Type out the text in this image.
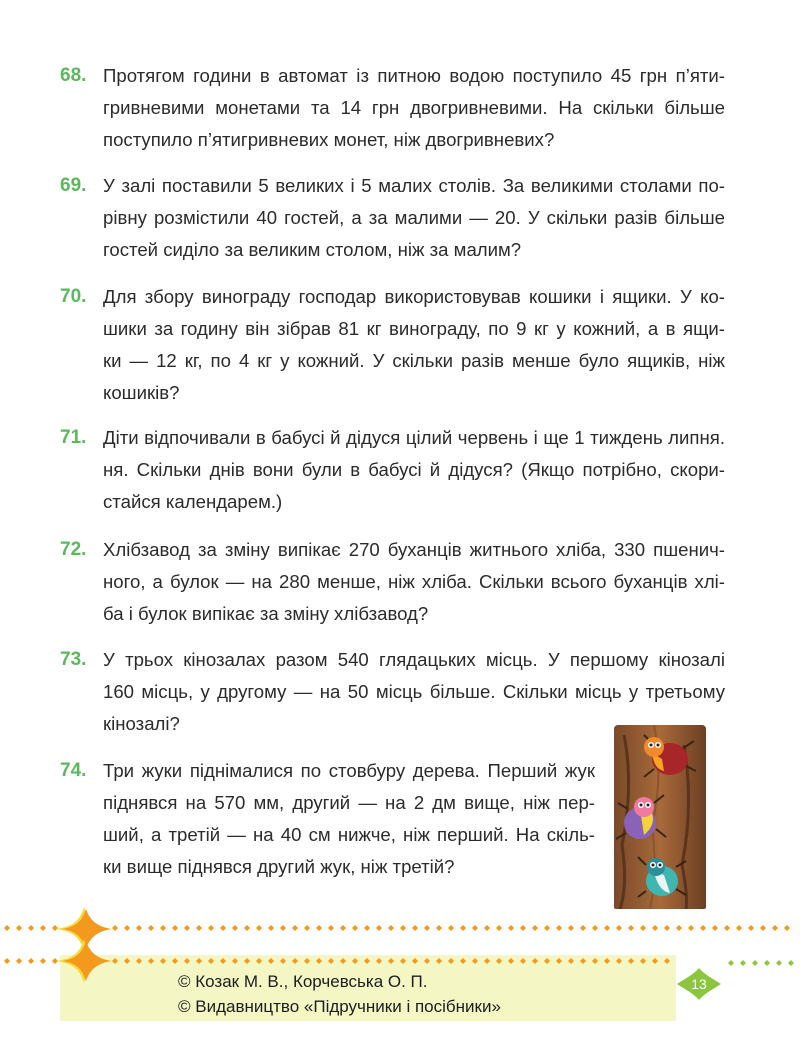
68. Протягом години в автомат із питною водою поступило 45 грн п’яти-
гривневими монетами та 14 грн двогривневими. На скільки більше
поступило п’ятигривневих монет, ніж двогривневих?
69. У залі поставили 5 великих і 5 малих столів. За великими столами по-
рівну розмістили 40 гостей, а за малими — 20. У скільки разів більше
гостей сиділо за великим столом, ніж за малим?
70. Для збору винограду господар використовував кошики і ящики. У ко-
шики за годину він зібрав 81 кг винограду, по 9 кг у кожний, а в ящи-
ки — 12 кг, по 4 кг у кожний. У скільки разів менше було ящиків, ніж
кошиків?
71. Діти відпочивали в бабусі й дідуся цілий червень і ще 1 тиждень липня.
ня. Скільки днів вони були в бабусі й дідуся? (Якщо потрібно, скори-
стайся календарем.)
72. Хлібзавод за зміну випікає 270 буханців житнього хліба, 330 пшенич-
ного, а булок — на 280 менше, ніж хліба. Скільки всього буханців хлі-
ба і булок випікає за зміну хлібзавод?
73. У трьох кінозалах разом 540 глядацьких місць. У першому кінозалі
160 місць, у другому — на 50 місць більше. Скільки місць у третьому
кінозалі?
74. Три жуки піднімалися по стовбуру дерева. Перший жук
піднявся на 570 мм, другий — на 2 дм вище, ніж пер-
ший, а третій — на 40 см нижче, ніж перший. На скіль-
ки вище піднявся другий жук, ніж третій?
© Козак М. В., Корчевська О. П.
© Видавництво «Підручники і посібники»
13
